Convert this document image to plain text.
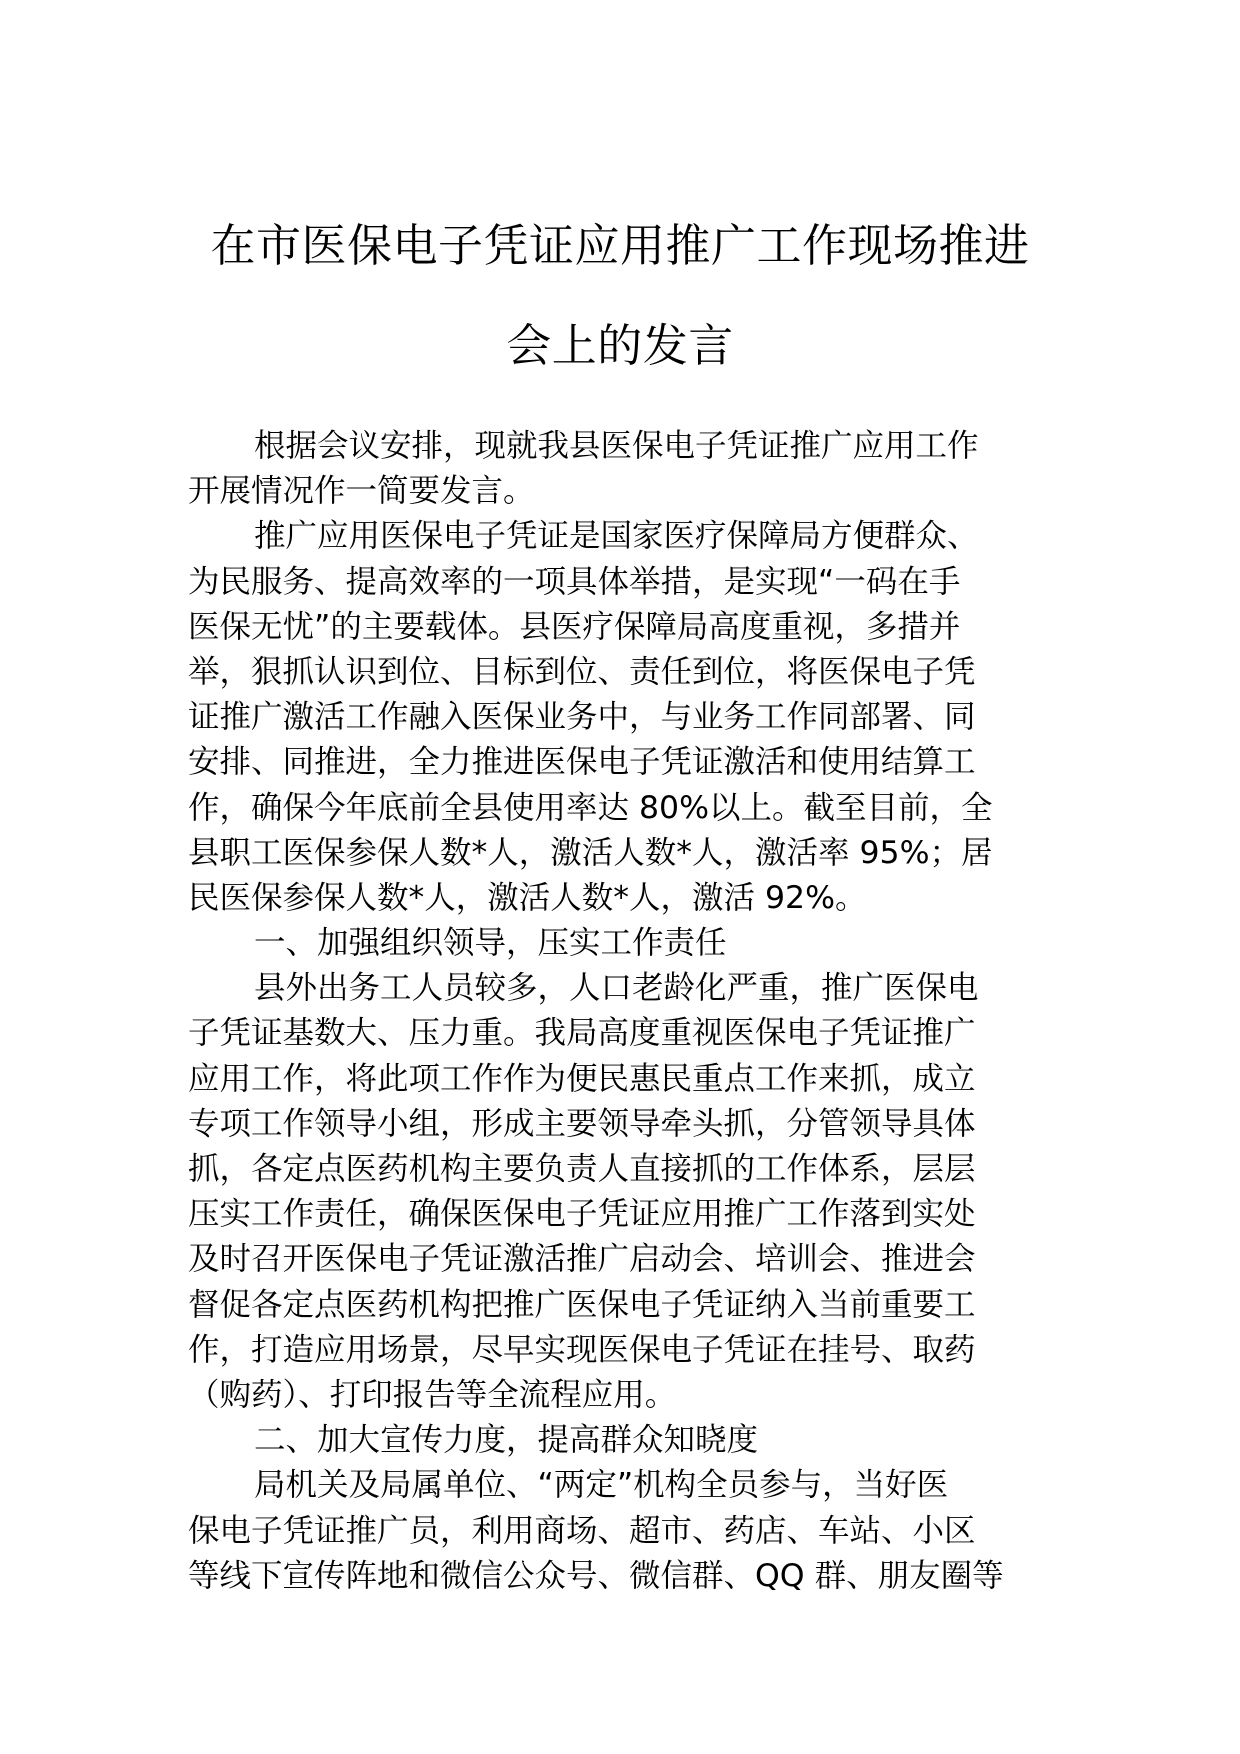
在市医保电子凭证应用推广工作现场推进
会上的发言

根据会议安排，现就我县医保电子凭证推广应用工作
开展情况作一简要发言。

推广应用医保电子凭证是国家医疗保障局方便群众、
为民服务、提高效率的一项具体举措，是实现“一码在手
医保无忧”的主要载体。县医疗保障局高度重视，多措并
举，狠抓认识到位、目标到位、责任到位，将医保电子凭
证推广激活工作融入医保业务中，与业务工作同部署、同
安排、同推进，全力推进医保电子凭证激活和使用结算工
作，确保今年底前全县使用率达 80%以上。截至目前，全
县职工医保参保人数*人，激活人数*人，激活率 95%；居
民医保参保人数*人，激活人数*人，激活 92%。

一、加强组织领导，压实工作责任

县外出务工人员较多，人口老龄化严重，推广医保电
子凭证基数大、压力重。我局高度重视医保电子凭证推广
应用工作，将此项工作作为便民惠民重点工作来抓，成立
专项工作领导小组，形成主要领导牵头抓，分管领导具体
抓，各定点医药机构主要负责人直接抓的工作体系，层层
压实工作责任，确保医保电子凭证应用推广工作落到实处
及时召开医保电子凭证激活推广启动会、培训会、推进会
督促各定点医药机构把推广医保电子凭证纳入当前重要工
作，打造应用场景，尽早实现医保电子凭证在挂号、取药
（购药）、打印报告等全流程应用。

二、加大宣传力度，提高群众知晓度

局机关及局属单位、“两定”机构全员参与，当好医
保电子凭证推广员，利用商场、超市、药店、车站、小区
等线下宣传阵地和微信公众号、微信群、QQ 群、朋友圈等
